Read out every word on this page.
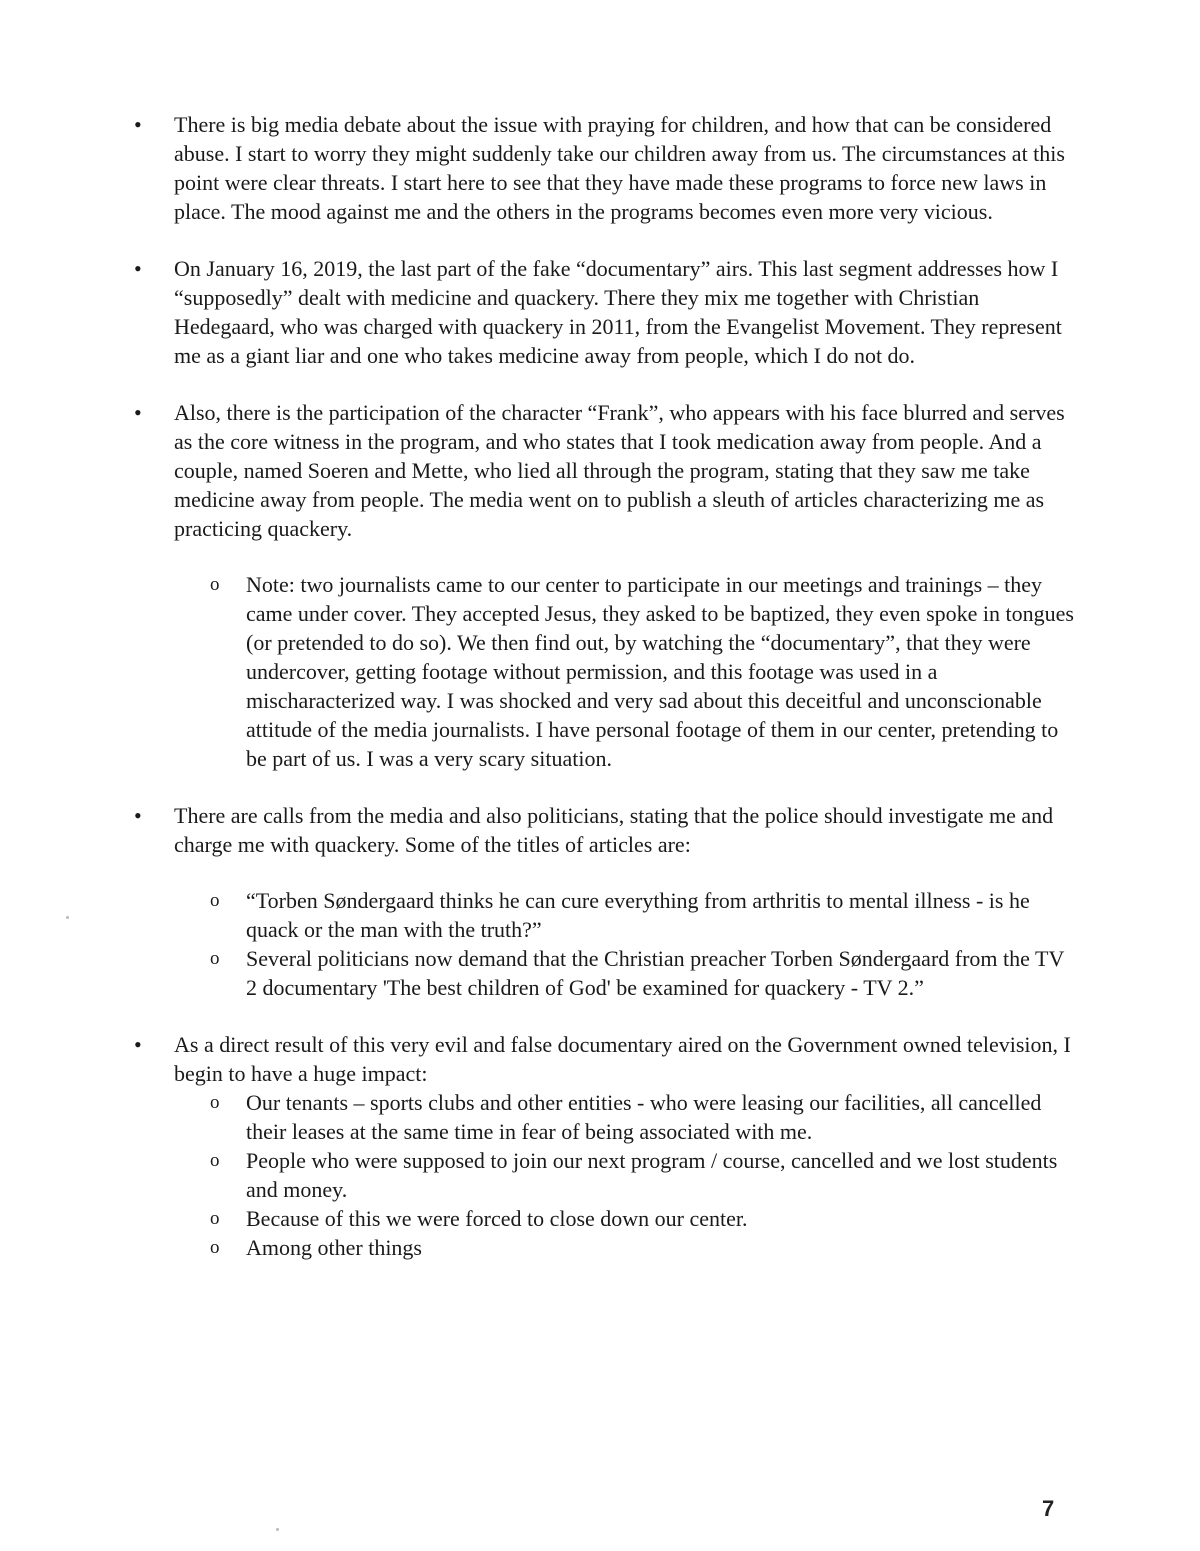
•	There is big media debate about the issue with praying for children, and how that can be considered abuse. I start to worry they might suddenly take our children away from us. The circumstances at this point were clear threats. I start here to see that they have made these programs to force new laws in place. The mood against me and the others in the programs becomes even more very vicious.
•	On January 16, 2019, the last part of the fake “documentary” airs. This last segment addresses how I “supposedly” dealt with medicine and quackery. There they mix me together with Christian Hedegaard, who was charged with quackery in 2011, from the Evangelist Movement. They represent me as a giant liar and one who takes medicine away from people, which I do not do.
•	Also, there is the participation of the character “Frank”, who appears with his face blurred and serves as the core witness in the program, and who states that I took medication away from people. And a couple, named Soeren and Mette, who lied all through the program, stating that they saw me take medicine away from people. The media went on to publish a sleuth of articles characterizing me as practicing quackery.
o Note: two journalists came to our center to participate in our meetings and trainings – they came under cover. They accepted Jesus, they asked to be baptized, they even spoke in tongues (or pretended to do so). We then find out, by watching the “documentary”, that they were undercover, getting footage without permission, and this footage was used in a mischaracterized way. I was shocked and very sad about this deceitful and unconscionable attitude of the media journalists. I have personal footage of them in our center, pretending to be part of us. I was a very scary situation.
•	There are calls from the media and also politicians, stating that the police should investigate me and charge me with quackery. Some of the titles of articles are:
o “Torben Søndergaard thinks he can cure everything from arthritis to mental illness - is he quack or the man with the truth?”
o Several politicians now demand that the Christian preacher Torben Søndergaard from the TV 2 documentary 'The best children of God' be examined for quackery - TV 2.”
•	As a direct result of this very evil and false documentary aired on the Government owned television, I begin to have a huge impact:
o Our tenants – sports clubs and other entities - who were leasing our facilities, all cancelled their leases at the same time in fear of being associated with me.
o People who were supposed to join our next program / course, cancelled and we lost students and money.
o Because of this we were forced to close down our center.
o Among other things
7
